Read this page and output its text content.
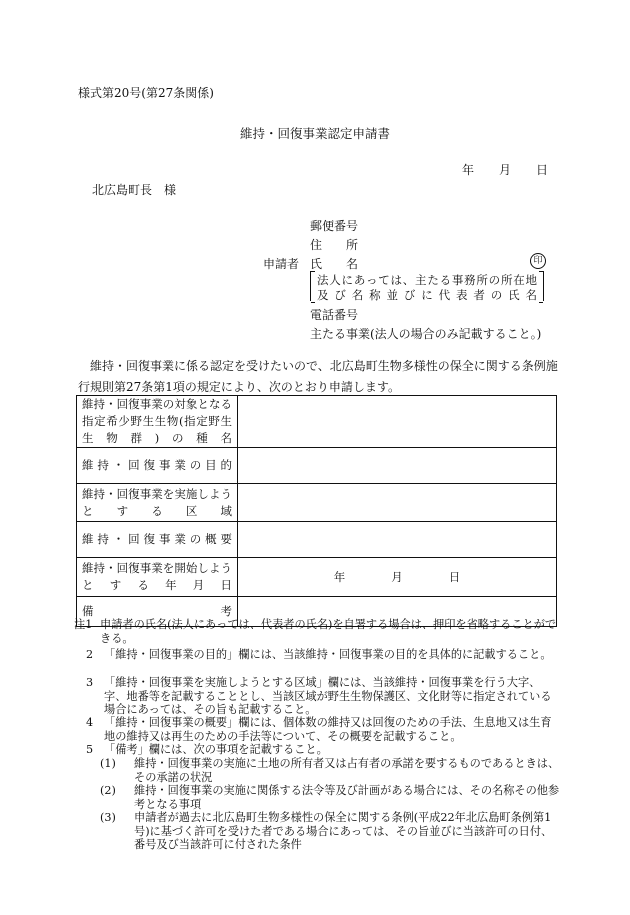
様式第20号(第27条関係)
維持・回復事業認定申請書
年 月 日
北広島町長　様
郵便番号
住　　所
申請者 氏　　名	印
法人にあっては、主たる事務所の所在地
及び名称並びに代表者の氏名
電話番号
主たる事業(法人の場合のみ記載すること。)
維持・回復事業に係る認定を受けたいので、北広島町生物多様性の保全に関する条例施行規則第27条第1項の規定により、次のとおり申請します。
維持・回復事業の対象となる指定希少野生生物(指定野生生物群)の種名	
維持・回復事業の目的	
維持・回復事業を実施しようとする区域	
維持・回復事業の概要	
維持・回復事業を開始しようとする年月日	年 月 日
備考	
注1 申請者の氏名(法人にあっては、代表者の氏名)を自署する場合は、押印を省略することができる。
2 「維持・回復事業の目的」欄には、当該維持・回復事業の目的を具体的に記載すること。
3 「維持・回復事業を実施しようとする区域」欄には、当該維持・回復事業を行う大字、字、地番等を記載することとし、当該区域が野生生物保護区、文化財等に指定されている場合にあっては、その旨も記載すること。
4 「維持・回復事業の概要」欄には、個体数の維持又は回復のための手法、生息地又は生育地の維持又は再生のための手法等について、その概要を記載すること。
5 「備考」欄には、次の事項を記載すること。
(1)	維持・回復事業の実施に土地の所有者又は占有者の承諾を要するものであるときは、その承諾の状況
(2)	維持・回復事業の実施に関係する法令等及び計画がある場合には、その名称その他参考となる事項
(3)	申請者が過去に北広島町生物多様性の保全に関する条例(平成22年北広島町条例第1号)に基づく許可を受けた者である場合にあっては、その旨並びに当該許可の日付、番号及び当該許可に付された条件
